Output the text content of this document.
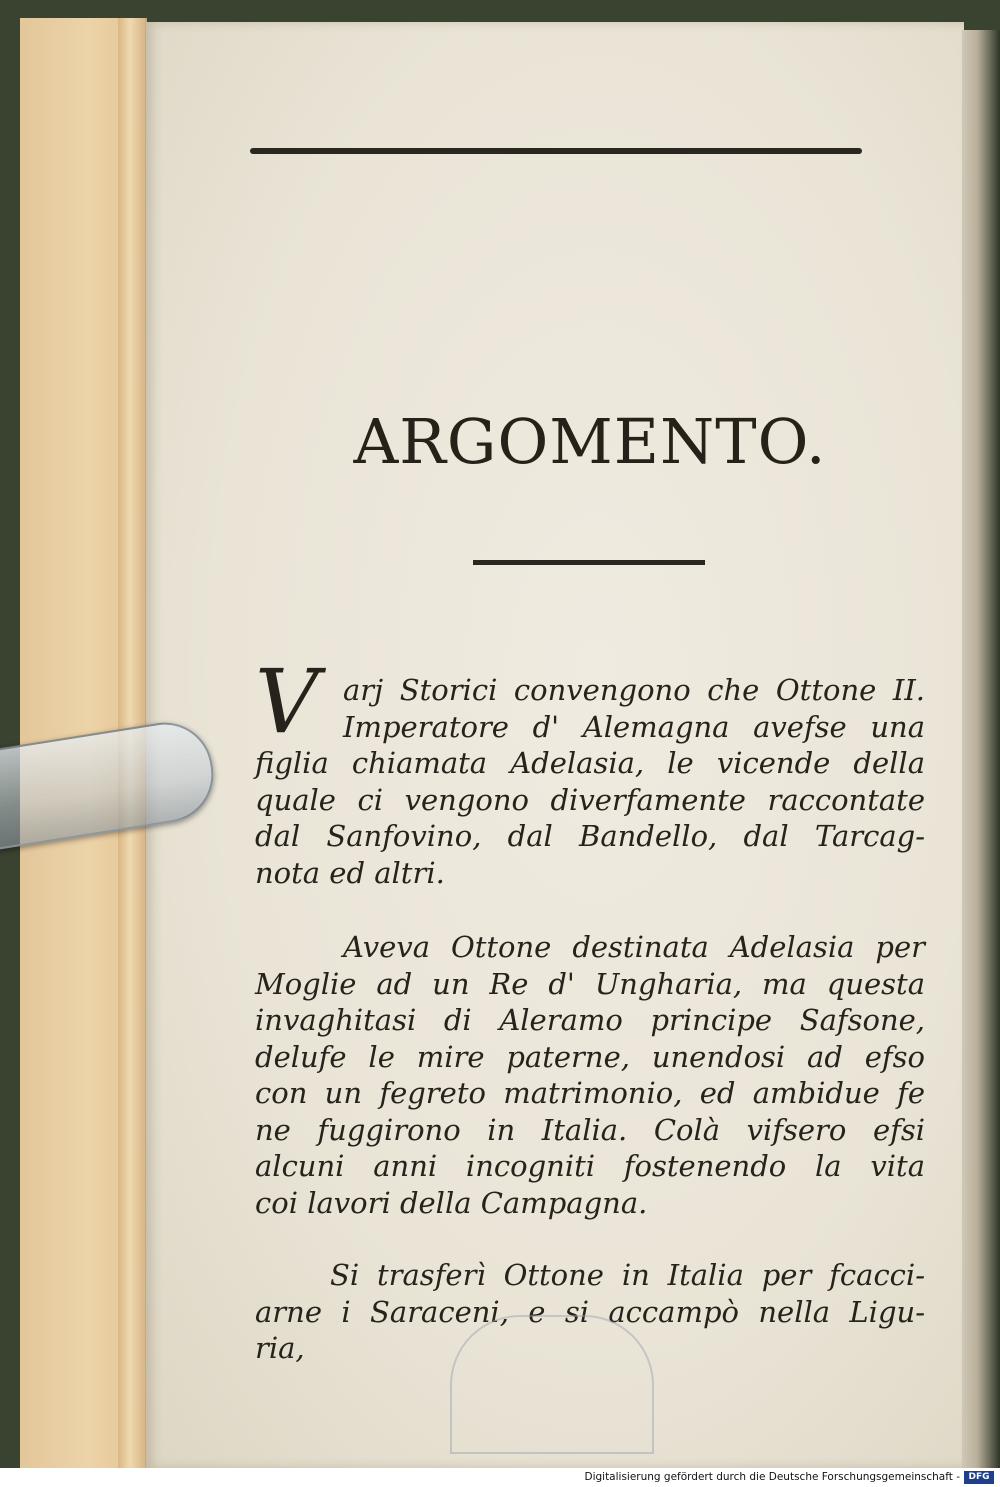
ARGOMENTO.
V arj Storici convengono che Ottone II.
Imperatore d' Alemagna avefse una
figlia chiamata Adelasia, le vicende della
quale ci vengono diverfamente raccontate
dal Sanfovino, dal Bandello, dal Tarcag-
nota ed altri.

Aveva Ottone destinata Adelasia per
Moglie ad un Re d' Ungharia, ma questa
invaghitasi di Aleramo principe Safsone,
delufe le mire paterne, unendosi ad efso
con un fegreto matrimonio, ed ambidue fe
ne fuggirono in Italia. Colà vifsero efsi
alcuni anni incogniti fostenendo la vita
coi lavori della Campagna.

Si trasferì Ottone in Italia per fcacci-
arne i Saraceni, e si accampò nella Ligu-
ria,

Digitalisierung gefördert durch die Deutsche Forschungsgemeinschaft - DFG
